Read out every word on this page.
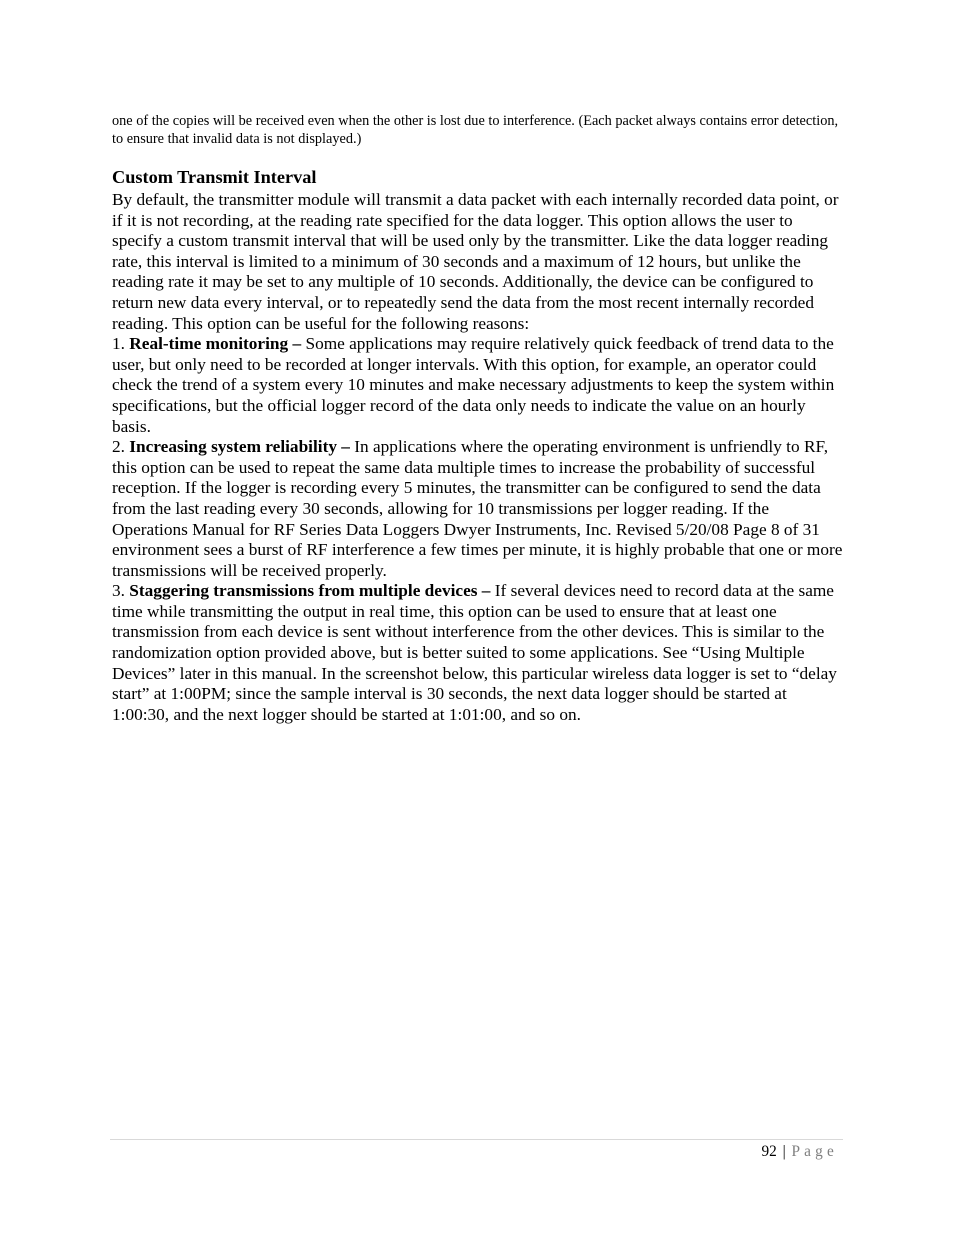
one of the copies will be received even when the other is lost due to interference. (Each packet always contains error detection, to ensure that invalid data is not displayed.)

Custom Transmit Interval

By default, the transmitter module will transmit a data packet with each internally recorded data point, or if it is not recording, at the reading rate specified for the data logger. This option allows the user to specify a custom transmit interval that will be used only by the transmitter. Like the data logger reading rate, this interval is limited to a minimum of 30 seconds and a maximum of 12 hours, but unlike the reading rate it may be set to any multiple of 10 seconds. Additionally, the device can be configured to return new data every interval, or to repeatedly send the data from the most recent internally recorded reading. This option can be useful for the following reasons:

1. Real-time monitoring – Some applications may require relatively quick feedback of trend data to the user, but only need to be recorded at longer intervals. With this option, for example, an operator could check the trend of a system every 10 minutes and make necessary adjustments to keep the system within specifications, but the official logger record of the data only needs to indicate the value on an hourly basis.

2. Increasing system reliability – In applications where the operating environment is unfriendly to RF, this option can be used to repeat the same data multiple times to increase the probability of successful reception. If the logger is recording every 5 minutes, the transmitter can be configured to send the data from the last reading every 30 seconds, allowing for 10 transmissions per logger reading. If the Operations Manual for RF Series Data Loggers Dwyer Instruments, Inc. Revised 5/20/08 Page 8 of 31 environment sees a burst of RF interference a few times per minute, it is highly probable that one or more transmissions will be received properly.

3. Staggering transmissions from multiple devices – If several devices need to record data at the same time while transmitting the output in real time, this option can be used to ensure that at least one transmission from each device is sent without interference from the other devices. This is similar to the randomization option provided above, but is better suited to some applications. See “Using Multiple Devices” later in this manual. In the screenshot below, this particular wireless data logger is set to “delay start” at 1:00PM; since the sample interval is 30 seconds, the next data logger should be started at 1:00:30, and the next logger should be started at 1:01:00, and so on.

92 | Page
